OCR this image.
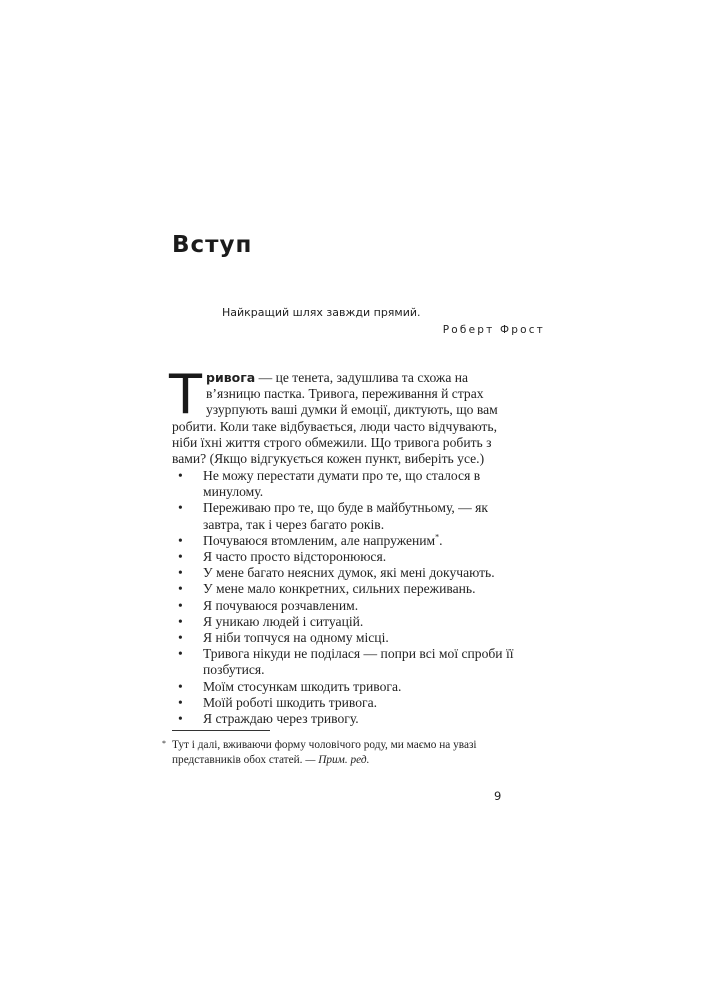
Вступ
Найкращий шлях завжди прямий.
Роберт Фрост
Тривога — це тенета, задушлива та схожа на в’язницю пастка. Тривога, переживання й страх узурпують ваші думки й емоції, диктують, що вам робити. Коли таке відбувається, люди часто відчувають, ніби їхні життя строго обмежили. Що тривога робить з вами? (Якщо відгукується кожен пункт, виберіть усе.)
• Не можу перестати думати про те, що сталося в минулому.
• Переживаю про те, що буде в майбутньому, — як завтра, так і через багато років.
• Почуваюся втомленим, але напруженим*.
• Я часто просто відсторонююся.
• У мене багато неясних думок, які мені докучають.
• У мене мало конкретних, сильних переживань.
• Я почуваюся розчавленим.
• Я уникаю людей і ситуацій.
• Я ніби топчуся на одному місці.
• Тривога нікуди не поділася — попри всі мої спроби її позбутися.
• Моїм стосункам шкодить тривога.
• Моїй роботі шкодить тривога.
• Я страждаю через тривогу.
* Тут і далі, вживаючи форму чоловічого роду, ми маємо на увазі представників обох статей. — Прим. ред.
9
